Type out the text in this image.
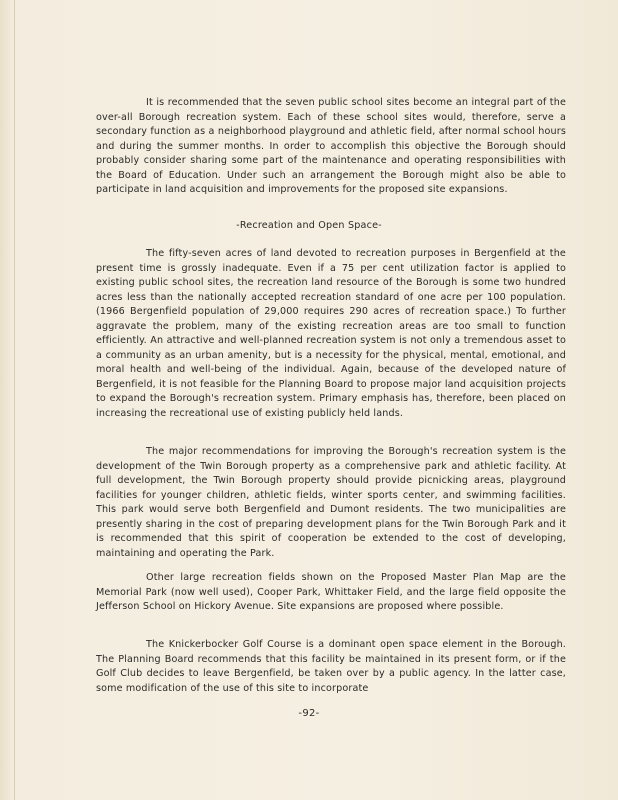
It is recommended that the seven public school sites become an integral part of the over-all Borough recreation system. Each of these school sites would, therefore, serve a secondary function as a neighborhood playground and athletic field, after normal school hours and during the summer months. In order to accomplish this objective the Borough should probably consider sharing some part of the maintenance and operating responsibilities with the Board of Education. Under such an arrangement the Borough might also be able to participate in land acquisition and improvements for the proposed site expansions.

-Recreation and Open Space-

The fifty-seven acres of land devoted to recreation purposes in Bergenfield at the present time is grossly inadequate. Even if a 75 per cent utilization factor is applied to existing public school sites, the recreation land resource of the Borough is some two hundred acres less than the nationally accepted recreation standard of one acre per 100 population. (1966 Bergenfield population of 29,000 requires 290 acres of recreation space.) To further aggravate the problem, many of the existing recreation areas are too small to function efficiently. An attractive and well-planned recreation system is not only a tremendous asset to a community as an urban amenity, but is a necessity for the physical, mental, emotional, and moral health and well-being of the individual. Again, because of the developed nature of Bergenfield, it is not feasible for the Planning Board to propose major land acquisition projects to expand the Borough's recreation system. Primary emphasis has, therefore, been placed on increasing the recreational use of existing publicly held lands.

The major recommendations for improving the Borough's recreation system is the development of the Twin Borough property as a comprehensive park and athletic facility. At full development, the Twin Borough property should provide picnicking areas, playground facilities for younger children, athletic fields, winter sports center, and swimming facilities. This park would serve both Bergenfield and Dumont residents. The two municipalities are presently sharing in the cost of preparing development plans for the Twin Borough Park and it is recommended that this spirit of cooperation be extended to the cost of developing, maintaining and operating the Park.

Other large recreation fields shown on the Proposed Master Plan Map are the Memorial Park (now well used), Cooper Park, Whittaker Field, and the large field opposite the Jefferson School on Hickory Avenue. Site expansions are proposed where possible.

The Knickerbocker Golf Course is a dominant open space element in the Borough. The Planning Board recommends that this facility be maintained in its present form, or if the Golf Club decides to leave Bergenfield, be taken over by a public agency. In the latter case, some modification of the use of this site to incorporate

-92-
